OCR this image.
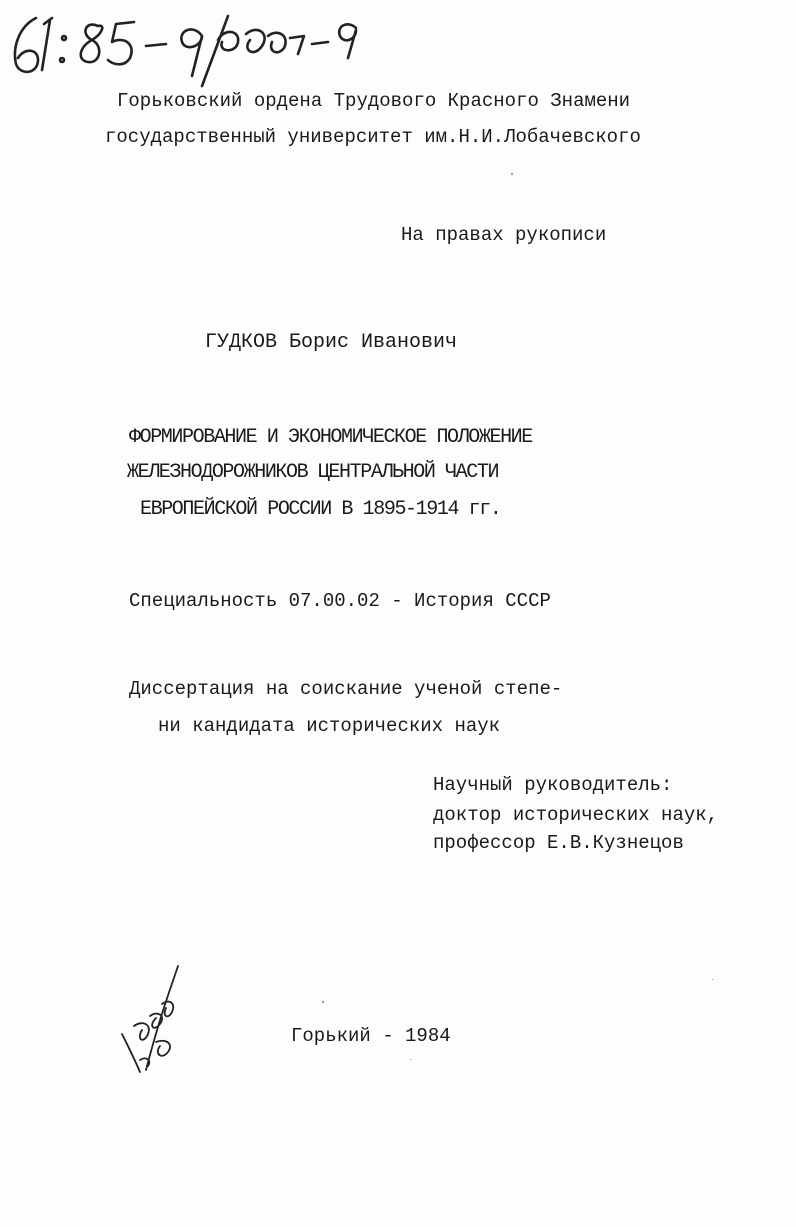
61:85-9/1870-9
Горьковский ордена Трудового Красного Знамени
государственный университет им.Н.И.Лобачевского
На правах рукописи
ГУДКОВ Борис Иванович
ФОРМИРОВАНИЕ И ЭКОНОМИЧЕСКОЕ ПОЛОЖЕНИЕ
ЖЕЛЕЗНОДОРОЖНИКОВ ЦЕНТРАЛЬНОЙ ЧАСТИ
ЕВРОПЕЙСКОЙ РОССИИ В 1895-1914 гг.
Специальность 07.00.02 - История СССР
Диссертация на соискание ученой степе-
ни кандидата исторических наук
Научный руководитель:
доктор исторических наук,
профессор Е.В.Кузнецов
Горький - 1984
